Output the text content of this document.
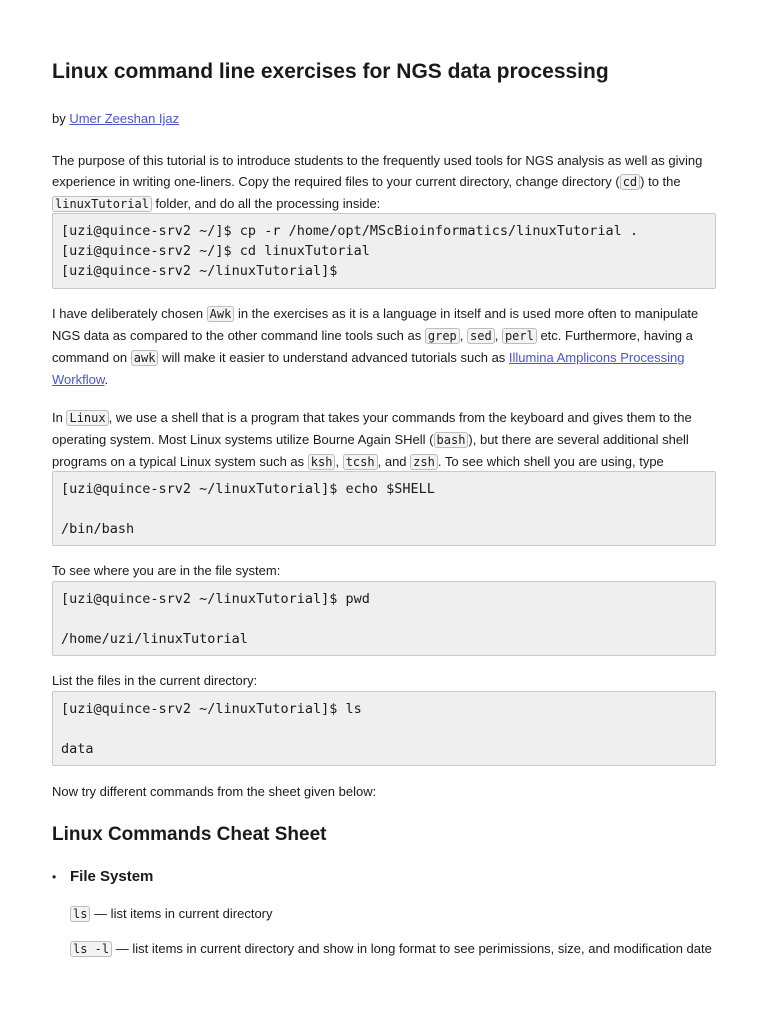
Linux command line exercises for NGS data processing
by Umer Zeeshan Ijaz

The purpose of this tutorial is to introduce students to the frequently used tools for NGS analysis as well as giving experience in writing one-liners. Copy the required files to your current directory, change directory ( cd ) to the linuxTutorial folder, and do all the processing inside:

[uzi@quince-srv2 ~/]$ cp -r /home/opt/MScBioinformatics/linuxTutorial .
[uzi@quince-srv2 ~/]$ cd linuxTutorial
[uzi@quince-srv2 ~/linuxTutorial]$

I have deliberately chosen Awk in the exercises as it is a language in itself and is used more often to manipulate NGS data as compared to the other command line tools such as grep , sed , perl etc. Furthermore, having a command on awk will make it easier to understand advanced tutorials such as Illumina Amplicons Processing Workflow.

In Linux , we use a shell that is a program that takes your commands from the keyboard and gives them to the operating system. Most Linux systems utilize Bourne Again SHell ( bash ), but there are several additional shell programs on a typical Linux system such as ksh , tcsh , and zsh . To see which shell you are using, type

[uzi@quince-srv2 ~/linuxTutorial]$ echo $SHELL

/bin/bash

To see where you are in the file system:

[uzi@quince-srv2 ~/linuxTutorial]$ pwd

/home/uzi/linuxTutorial

List the files in the current directory:

[uzi@quince-srv2 ~/linuxTutorial]$ ls

data

Now try different commands from the sheet given below:

Linux Commands Cheat Sheet
• File System

ls — list items in current directory

ls -l — list items in current directory and show in long format to see perimissions, size, and modification date
